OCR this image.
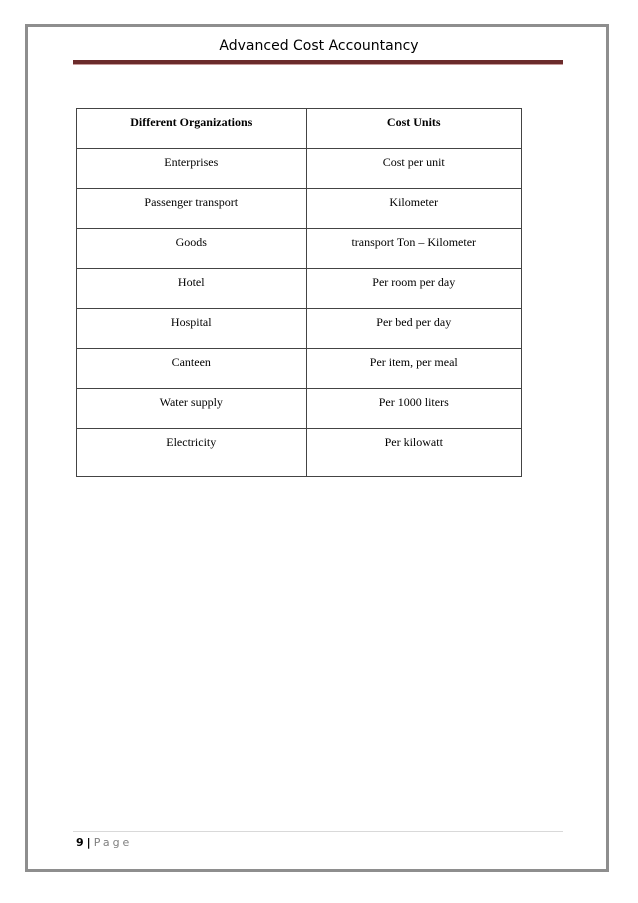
Advanced Cost Accountancy
Different Organizations	Cost Units
Enterprises	Cost per unit
Passenger transport	Kilometer
Goods	transport Ton – Kilometer
Hotel	Per room per day
Hospital	Per bed per day
Canteen	Per item, per meal
Water supply	Per 1000 liters
Electricity	Per kilowatt
9 | Page
